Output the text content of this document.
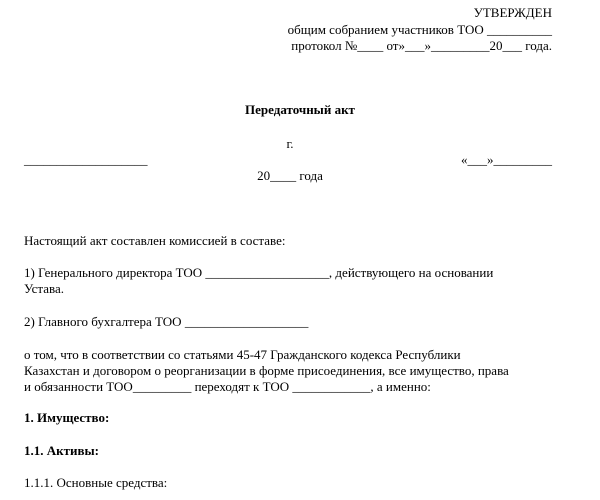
УТВЕРЖДЕН
общим собранием участников ТОО __________
протокол №____ от»___»_________20___ года.
Передаточный акт
г.
___________________	«___»_________
20____ года
Настоящий акт составлен комиссией в составе:
1) Генерального директора ТОО ___________________, действующего на основании
Устава.
2) Главного бухгалтера ТОО ___________________
о том, что в соответствии со статьями 45-47 Гражданского кодекса Республики
Казахстан и договором о реорганизации в форме присоединения, все имущество, права
и обязанности ТОО_________ переходят к ТОО ____________, а именно:
1. Имущество:
1.1. Активы:
1.1.1. Основные средства:
